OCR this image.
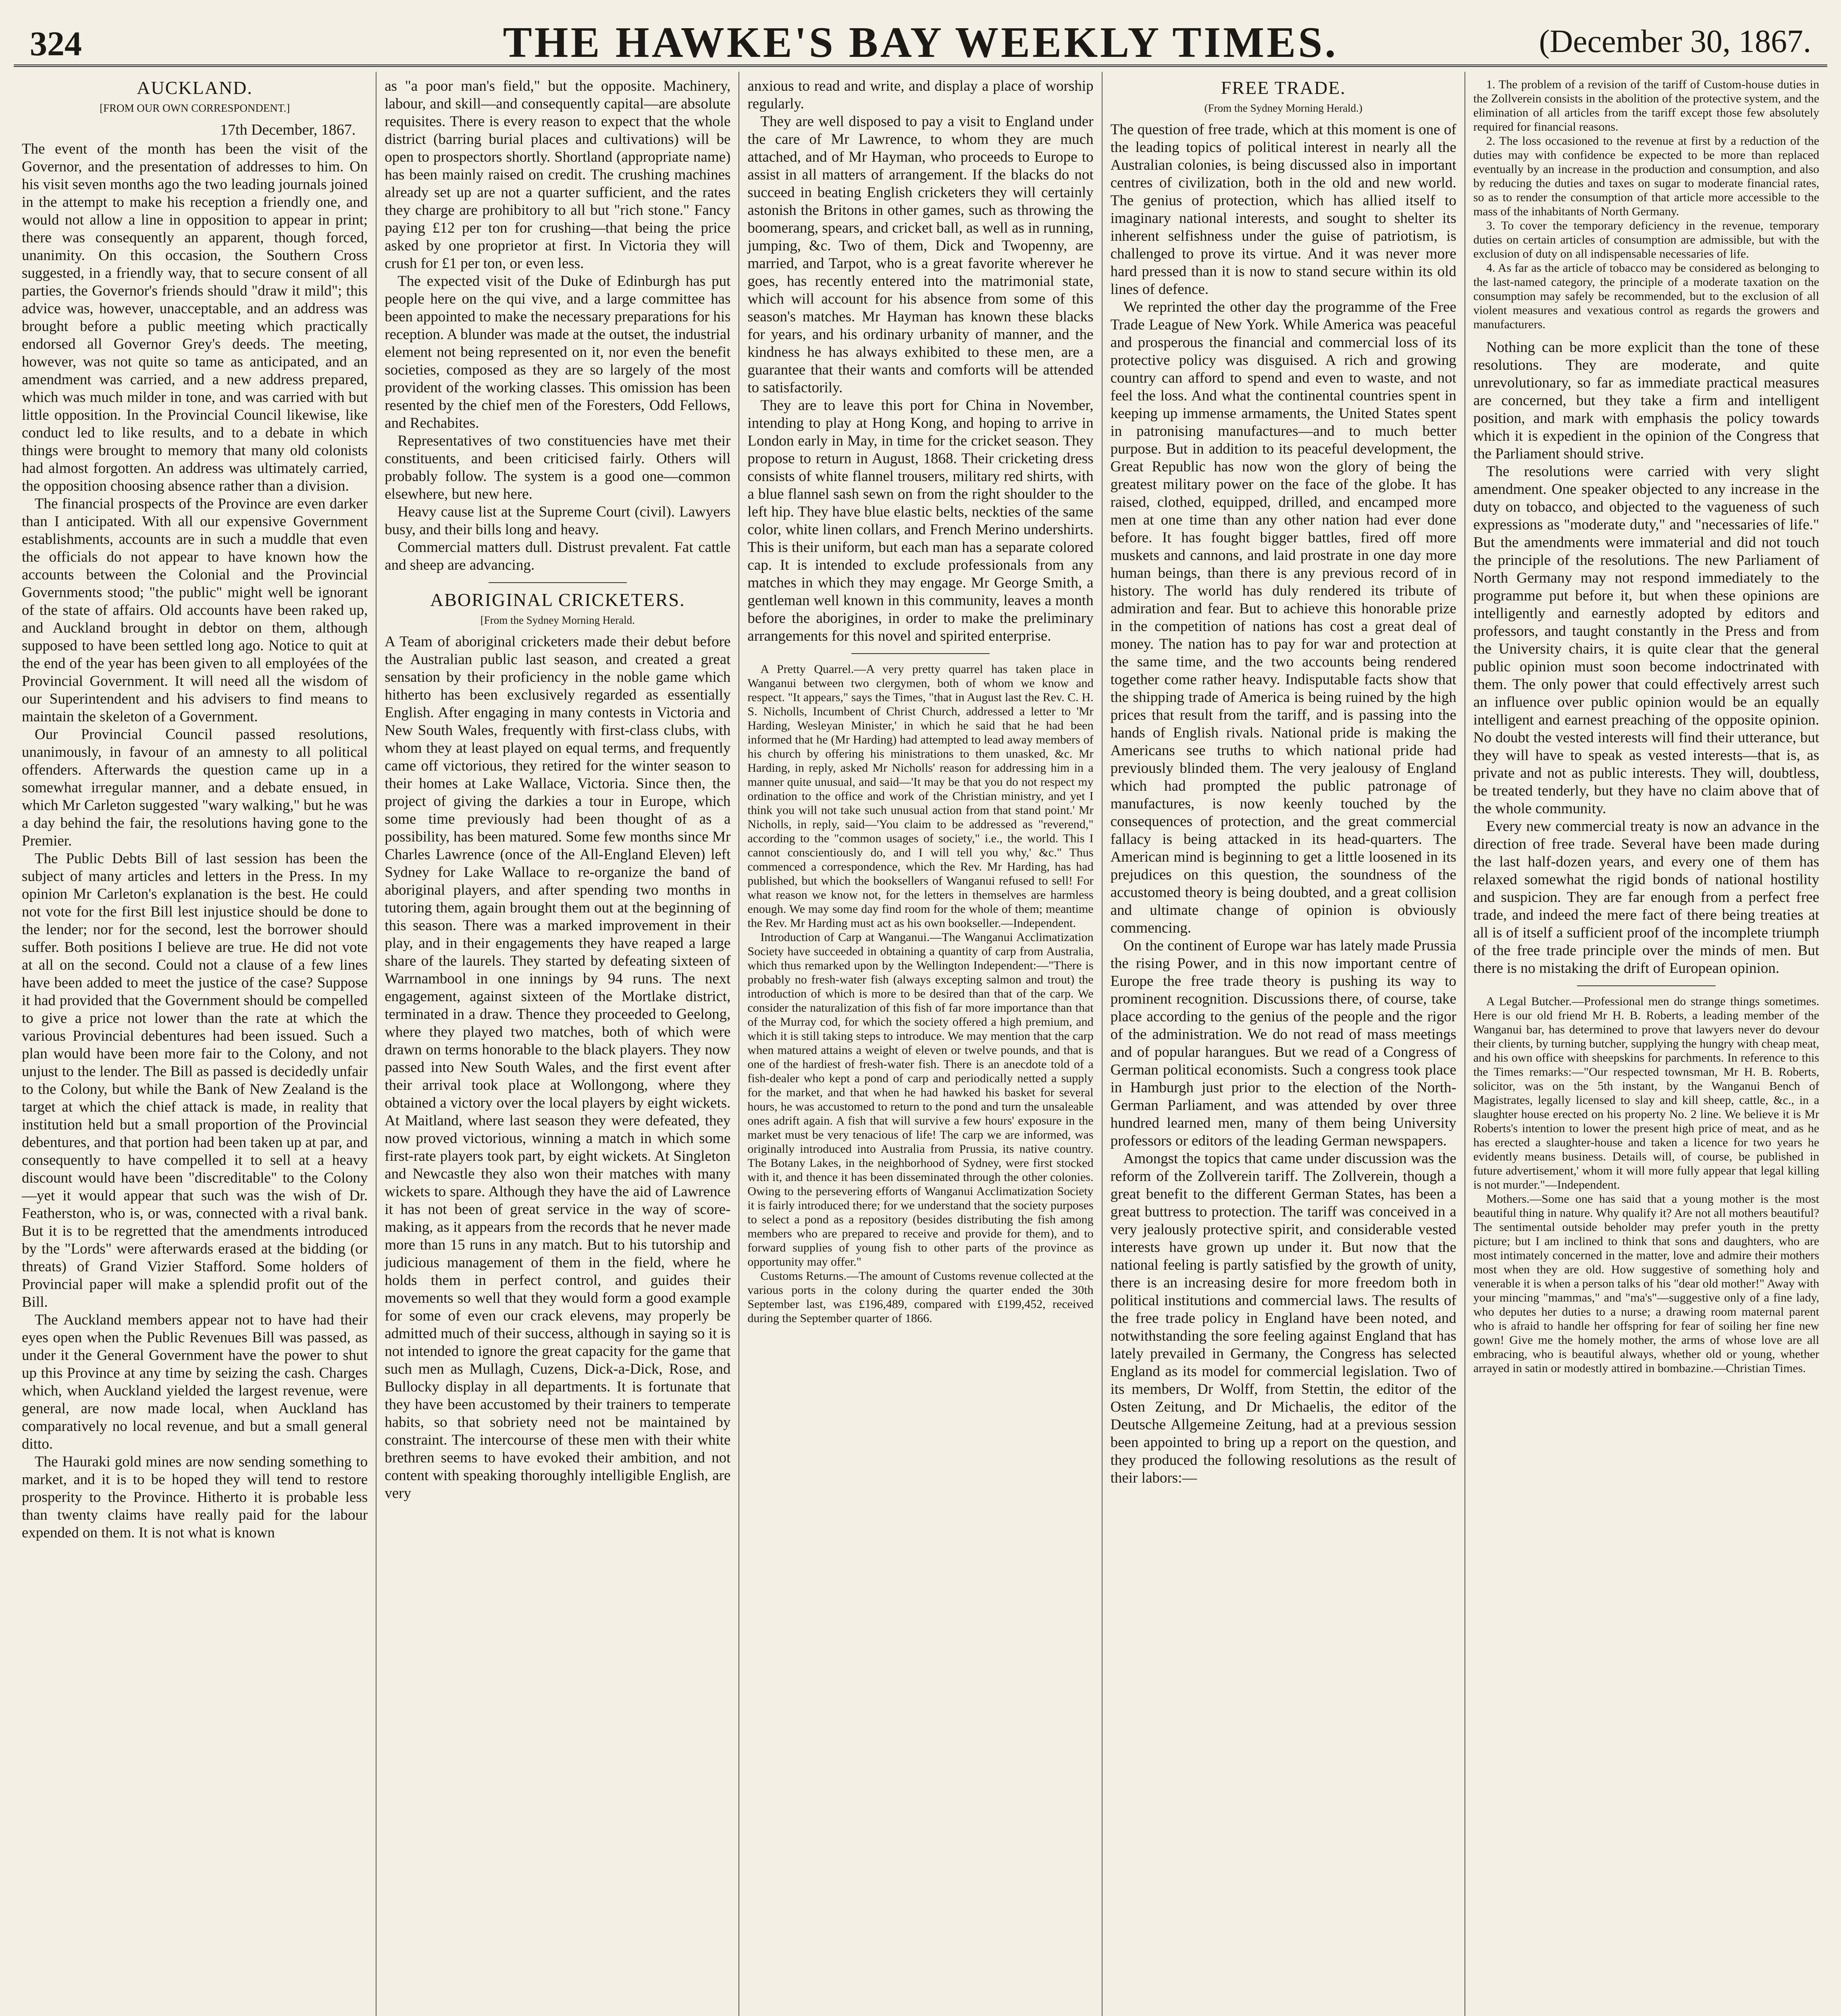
324	THE HAWKE'S BAY WEEKLY TIMES.	(December 30, 1867.
AUCKLAND.
[FROM OUR OWN CORRESPONDENT.]
17th December, 1867.

The event of the month has been the visit of the Governor, and the presentation of addresses to him. On his visit seven months ago the two leading journals joined in the attempt to make his reception a friendly one, and would not allow a line in opposition to appear in print; there was consequently an apparent, though forced, unanimity. On this occasion, the Southern Cross suggested, in a friendly way, that to secure consent of all parties, the Governor's friends should "draw it mild"; this advice was, however, unacceptable, and an address was brought before a public meeting which practically endorsed all Governor Grey's deeds. The meeting, however, was not quite so tame as anticipated, and an amendment was carried, and a new address prepared, which was much milder in tone, and was carried with but little opposition. In the Provincial Council likewise, like conduct led to like results, and to a debate in which things were brought to memory that many old colonists had almost forgotten. An address was ultimately carried, the opposition choosing absence rather than a division.

The financial prospects of the Province are even darker than I anticipated. With all our expensive Government establishments, accounts are in such a muddle that even the officials do not appear to have known how the accounts between the Colonial and the Provincial Governments stood; "the public" might well be ignorant of the state of affairs. Old accounts have been raked up, and Auckland brought in debtor on them, although supposed to have been settled long ago. Notice to quit at the end of the year has been given to all employées of the Provincial Government. It will need all the wisdom of our Superintendent and his advisers to find means to maintain the skeleton of a Government.

Our Provincial Council passed resolutions, unanimously, in favour of an amnesty to all political offenders. Afterwards the question came up in a somewhat irregular manner, and a debate ensued, in which Mr Carleton suggested "wary walking," but he was a day behind the fair, the resolutions having gone to the Premier.

The Public Debts Bill of last session has been the subject of many articles and letters in the Press. In my opinion Mr Carleton's explanation is the best. He could not vote for the first Bill lest injustice should be done to the lender; nor for the second, lest the borrower should suffer. Both positions I believe are true. He did not vote at all on the second. Could not a clause of a few lines have been added to meet the justice of the case? Suppose it had provided that the Government should be compelled to give a price not lower than the rate at which the various Provincial debentures had been issued. Such a plan would have been more fair to the Colony, and not unjust to the lender. The Bill as passed is decidedly unfair to the Colony, but while the Bank of New Zealand is the target at which the chief attack is made, in reality that institution held but a small proportion of the Provincial debentures, and that portion had been taken up at par, and consequently to have compelled it to sell at a heavy discount would have been "discreditable" to the Colony—yet it would appear that such was the wish of Dr. Featherston, who is, or was, connected with a rival bank. But it is to be regretted that the amendments introduced by the "Lords" were afterwards erased at the bidding (or threats) of Grand Vizier Stafford. Some holders of Provincial paper will make a splendid profit out of the Bill.

The Auckland members appear not to have had their eyes open when the Public Revenues Bill was passed, as under it the General Government have the power to shut up this Province at any time by seizing the cash. Charges which, when Auckland yielded the largest revenue, were general, are now made local, when Auckland has comparatively no local revenue, and but a small general ditto.

The Hauraki gold mines are now sending something to market, and it is to be hoped they will tend to restore prosperity to the Province. Hitherto it is probable less than twenty claims have really paid for the labour expended on them. It is not what is known

as "a poor man's field," but the opposite. Machinery, labour, and skill—and consequently capital—are absolute requisites. There is every reason to expect that the whole district (barring burial places and cultivations) will be open to prospectors shortly. Shortland (appropriate name) has been mainly raised on credit. The crushing machines already set up are not a quarter sufficient, and the rates they charge are prohibitory to all but "rich stone." Fancy paying £12 per ton for crushing—that being the price asked by one proprietor at first. In Victoria they will crush for £1 per ton, or even less.

The expected visit of the Duke of Edinburgh has put people here on the qui vive, and a large committee has been appointed to make the necessary preparations for his reception. A blunder was made at the outset, the industrial element not being represented on it, nor even the benefit societies, composed as they are so largely of the most provident of the working classes. This omission has been resented by the chief men of the Foresters, Odd Fellows, and Rechabites.

Representatives of two constituencies have met their constituents, and been criticised fairly. Others will probably follow. The system is a good one—common elsewhere, but new here.

Heavy cause list at the Supreme Court (civil). Lawyers busy, and their bills long and heavy.

Commercial matters dull. Distrust prevalent. Fat cattle and sheep are advancing.

ABORIGINAL CRICKETERS.
[From the Sydney Morning Herald.

A Team of aboriginal cricketers made their debut before the Australian public last season, and created a great sensation by their proficiency in the noble game which hitherto has been exclusively regarded as essentially English. After engaging in many contests in Victoria and New South Wales, frequently with first-class clubs, with whom they at least played on equal terms, and frequently came off victorious, they retired for the winter season to their homes at Lake Wallace, Victoria. Since then, the project of giving the darkies a tour in Europe, which some time previously had been thought of as a possibility, has been matured. Some few months since Mr Charles Lawrence (once of the All-England Eleven) left Sydney for Lake Wallace to re-organize the band of aboriginal players, and after spending two months in tutoring them, again brought them out at the beginning of this season. There was a marked improvement in their play, and in their engagements they have reaped a large share of the laurels. They started by defeating sixteen of Warrnambool in one innings by 94 runs. The next engagement, against sixteen of the Mortlake district, terminated in a draw. Thence they proceeded to Geelong, where they played two matches, both of which were drawn on terms honorable to the black players. They now passed into New South Wales, and the first event after their arrival took place at Wollongong, where they obtained a victory over the local players by eight wickets. At Maitland, where last season they were defeated, they now proved victorious, winning a match in which some first-rate players took part, by eight wickets. At Singleton and Newcastle they also won their matches with many wickets to spare. Although they have the aid of Lawrence it has not been of great service in the way of score-making, as it appears from the records that he never made more than 15 runs in any match. But to his tutorship and judicious management of them in the field, where he holds them in perfect control, and guides their movements so well that they would form a good example for some of even our crack elevens, may properly be admitted much of their success, although in saying so it is not intended to ignore the great capacity for the game that such men as Mullagh, Cuzens, Dick-a-Dick, Rose, and Bullocky display in all departments. It is fortunate that they have been accustomed by their trainers to temperate habits, so that sobriety need not be maintained by constraint. The intercourse of these men with their white brethren seems to have evoked their ambition, and not content with speaking thoroughly intelligible English, are very

anxious to read and write, and display a place of worship regularly.

They are well disposed to pay a visit to England under the care of Mr Lawrence, to whom they are much attached, and of Mr Hayman, who proceeds to Europe to assist in all matters of arrangement. If the blacks do not succeed in beating English cricketers they will certainly astonish the Britons in other games, such as throwing the boomerang, spears, and cricket ball, as well as in running, jumping, &c. Two of them, Dick and Twopenny, are married, and Tarpot, who is a great favorite wherever he goes, has recently entered into the matrimonial state, which will account for his absence from some of this season's matches. Mr Hayman has known these blacks for years, and his ordinary urbanity of manner, and the kindness he has always exhibited to these men, are a guarantee that their wants and comforts will be attended to satisfactorily.

They are to leave this port for China in November, intending to play at Hong Kong, and hoping to arrive in London early in May, in time for the cricket season. They propose to return in August, 1868. Their cricketing dress consists of white flannel trousers, military red shirts, with a blue flannel sash sewn on from the right shoulder to the left hip. They have blue elastic belts, neckties of the same color, white linen collars, and French Merino undershirts. This is their uniform, but each man has a separate colored cap. It is intended to exclude professionals from any matches in which they may engage. Mr George Smith, a gentleman well known in this community, leaves a month before the aborigines, in order to make the preliminary arrangements for this novel and spirited enterprise.

A Pretty Quarrel.—A very pretty quarrel has taken place in Wanganui between two clergymen, both of whom we know and respect. "It appears," says the Times, "that in August last the Rev. C. H. S. Nicholls, Incumbent of Christ Church, addressed a letter to 'Mr Harding, Wesleyan Minister,' in which he said that he had been informed that he (Mr Harding) had attempted to lead away members of his church by offering his ministrations to them unasked, &c. Mr Harding, in reply, asked Mr Nicholls' reason for addressing him in a manner quite unusual, and said—'It may be that you do not respect my ordination to the office and work of the Christian ministry, and yet I think you will not take such unusual action from that stand point.' Mr Nicholls, in reply, said—'You claim to be addressed as "reverend," according to the "common usages of society," i.e., the world. This I cannot conscientiously do, and I will tell you why,' &c." Thus commenced a correspondence, which the Rev. Mr Harding, has had published, but which the booksellers of Wanganui refused to sell! For what reason we know not, for the letters in themselves are harmless enough. We may some day find room for the whole of them; meantime the Rev. Mr Harding must act as his own bookseller.—Independent.

Introduction of Carp at Wanganui.—The Wanganui Acclimatization Society have succeeded in obtaining a quantity of carp from Australia, which thus remarked upon by the Wellington Independent:—"There is probably no fresh-water fish (always excepting salmon and trout) the introduction of which is more to be desired than that of the carp. We consider the naturalization of this fish of far more importance than that of the Murray cod, for which the society offered a high premium, and which it is still taking steps to introduce. We may mention that the carp when matured attains a weight of eleven or twelve pounds, and that is one of the hardiest of fresh-water fish. There is an anecdote told of a fish-dealer who kept a pond of carp and periodically netted a supply for the market, and that when he had hawked his basket for several hours, he was accustomed to return to the pond and turn the unsaleable ones adrift again. A fish that will survive a few hours' exposure in the market must be very tenacious of life! The carp we are informed, was originally introduced into Australia from Prussia, its native country. The Botany Lakes, in the neighborhood of Sydney, were first stocked with it, and thence it has been disseminated through the other colonies. Owing to the persevering efforts of Wanganui Acclimatization Society it is fairly introduced there; for we understand that the society purposes to select a pond as a repository (besides distributing the fish among members who are prepared to receive and provide for them), and to forward supplies of young fish to other parts of the province as opportunity may offer."

Customs Returns.—The amount of Customs revenue collected at the various ports in the colony during the quarter ended the 30th September last, was £196,489, compared with £199,452, received during the September quarter of 1866.

FREE TRADE.
(From the Sydney Morning Herald.)

The question of free trade, which at this moment is one of the leading topics of political interest in nearly all the Australian colonies, is being discussed also in important centres of civilization, both in the old and new world. The genius of protection, which has allied itself to imaginary national interests, and sought to shelter its inherent selfishness under the guise of patriotism, is challenged to prove its virtue. And it was never more hard pressed than it is now to stand secure within its old lines of defence.

We reprinted the other day the programme of the Free Trade League of New York. While America was peaceful and prosperous the financial and commercial loss of its protective policy was disguised. A rich and growing country can afford to spend and even to waste, and not feel the loss. And what the continental countries spent in keeping up immense armaments, the United States spent in patronising manufactures—and to much better purpose. But in addition to its peaceful development, the Great Republic has now won the glory of being the greatest military power on the face of the globe. It has raised, clothed, equipped, drilled, and encamped more men at one time than any other nation had ever done before. It has fought bigger battles, fired off more muskets and cannons, and laid prostrate in one day more human beings, than there is any previous record of in history. The world has duly rendered its tribute of admiration and fear. But to achieve this honorable prize in the competition of nations has cost a great deal of money. The nation has to pay for war and protection at the same time, and the two accounts being rendered together come rather heavy. Indisputable facts show that the shipping trade of America is being ruined by the high prices that result from the tariff, and is passing into the hands of English rivals. National pride is making the Americans see truths to which national pride had previously blinded them. The very jealousy of England which had prompted the public patronage of manufactures, is now keenly touched by the consequences of protection, and the great commercial fallacy is being attacked in its head-quarters. The American mind is beginning to get a little loosened in its prejudices on this question, the soundness of the accustomed theory is being doubted, and a great collision and ultimate change of opinion is obviously commencing.

On the continent of Europe war has lately made Prussia the rising Power, and in this now important centre of Europe the free trade theory is pushing its way to prominent recognition. Discussions there, of course, take place according to the genius of the people and the rigor of the administration. We do not read of mass meetings and of popular harangues. But we read of a Congress of German political economists. Such a congress took place in Hamburgh just prior to the election of the North-German Parliament, and was attended by over three hundred learned men, many of them being University professors or editors of the leading German newspapers.

Amongst the topics that came under discussion was the reform of the Zollverein tariff. The Zollverein, though a great benefit to the different German States, has been a great buttress to protection. The tariff was conceived in a very jealously protective spirit, and considerable vested interests have grown up under it. But now that the national feeling is partly satisfied by the growth of unity, there is an increasing desire for more freedom both in political institutions and commercial laws. The results of the free trade policy in England have been noted, and notwithstanding the sore feeling against England that has lately prevailed in Germany, the Congress has selected England as its model for commercial legislation. Two of its members, Dr Wolff, from Stettin, the editor of the Osten Zeitung, and Dr Michaelis, the editor of the Deutsche Allgemeine Zeitung, had at a previous session been appointed to bring up a report on the question, and they produced the following resolutions as the result of their labors:—

1. The problem of a revision of the tariff of Custom-house duties in the Zollverein consists in the abolition of the protective system, and the elimination of all articles from the tariff except those few absolutely required for financial reasons.

2. The loss occasioned to the revenue at first by a reduction of the duties may with confidence be expected to be more than replaced eventually by an increase in the production and consumption, and also by reducing the duties and taxes on sugar to moderate financial rates, so as to render the consumption of that article more accessible to the mass of the inhabitants of North Germany.

3. To cover the temporary deficiency in the revenue, temporary duties on certain articles of consumption are admissible, but with the exclusion of duty on all indispensable necessaries of life.

4. As far as the article of tobacco may be considered as belonging to the last-named category, the principle of a moderate taxation on the consumption may safely be recommended, but to the exclusion of all violent measures and vexatious control as regards the growers and manufacturers.

Nothing can be more explicit than the tone of these resolutions. They are moderate, and quite unrevolutionary, so far as immediate practical measures are concerned, but they take a firm and intelligent position, and mark with emphasis the policy towards which it is expedient in the opinion of the Congress that the Parliament should strive.

The resolutions were carried with very slight amendment. One speaker objected to any increase in the duty on tobacco, and objected to the vagueness of such expressions as "moderate duty," and "necessaries of life." But the amendments were immaterial and did not touch the principle of the resolutions. The new Parliament of North Germany may not respond immediately to the programme put before it, but when these opinions are intelligently and earnestly adopted by editors and professors, and taught constantly in the Press and from the University chairs, it is quite clear that the general public opinion must soon become indoctrinated with them. The only power that could effectively arrest such an influence over public opinion would be an equally intelligent and earnest preaching of the opposite opinion. No doubt the vested interests will find their utterance, but they will have to speak as vested interests—that is, as private and not as public interests. They will, doubtless, be treated tenderly, but they have no claim above that of the whole community.

Every new commercial treaty is now an advance in the direction of free trade. Several have been made during the last half-dozen years, and every one of them has relaxed somewhat the rigid bonds of national hostility and suspicion. They are far enough from a perfect free trade, and indeed the mere fact of there being treaties at all is of itself a sufficient proof of the incomplete triumph of the free trade principle over the minds of men. But there is no mistaking the drift of European opinion.

A Legal Butcher.—Professional men do strange things sometimes. Here is our old friend Mr H. B. Roberts, a leading member of the Wanganui bar, has determined to prove that lawyers never do devour their clients, by turning butcher, supplying the hungry with cheap meat, and his own office with sheepskins for parchments. In reference to this the Times remarks:—"Our respected townsman, Mr H. B. Roberts, solicitor, was on the 5th instant, by the Wanganui Bench of Magistrates, legally licensed to slay and kill sheep, cattle, &c., in a slaughter house erected on his property No. 2 line. We believe it is Mr Roberts's intention to lower the present high price of meat, and as he has erected a slaughter-house and taken a licence for two years he evidently means business. Details will, of course, be published in future advertisement,' whom it will more fully appear that legal killing is not murder."—Independent.

Mothers.—Some one has said that a young mother is the most beautiful thing in nature. Why qualify it? Are not all mothers beautiful? The sentimental outside beholder may prefer youth in the pretty picture; but I am inclined to think that sons and daughters, who are most intimately concerned in the matter, love and admire their mothers most when they are old. How suggestive of something holy and venerable it is when a person talks of his "dear old mother!" Away with your mincing "mammas," and "ma's"—suggestive only of a fine lady, who deputes her duties to a nurse; a drawing room maternal parent who is afraid to handle her offspring for fear of soiling her fine new gown! Give me the homely mother, the arms of whose love are all embracing, who is beautiful always, whether old or young, whether arrayed in satin or modestly attired in bombazine.—Christian Times.
